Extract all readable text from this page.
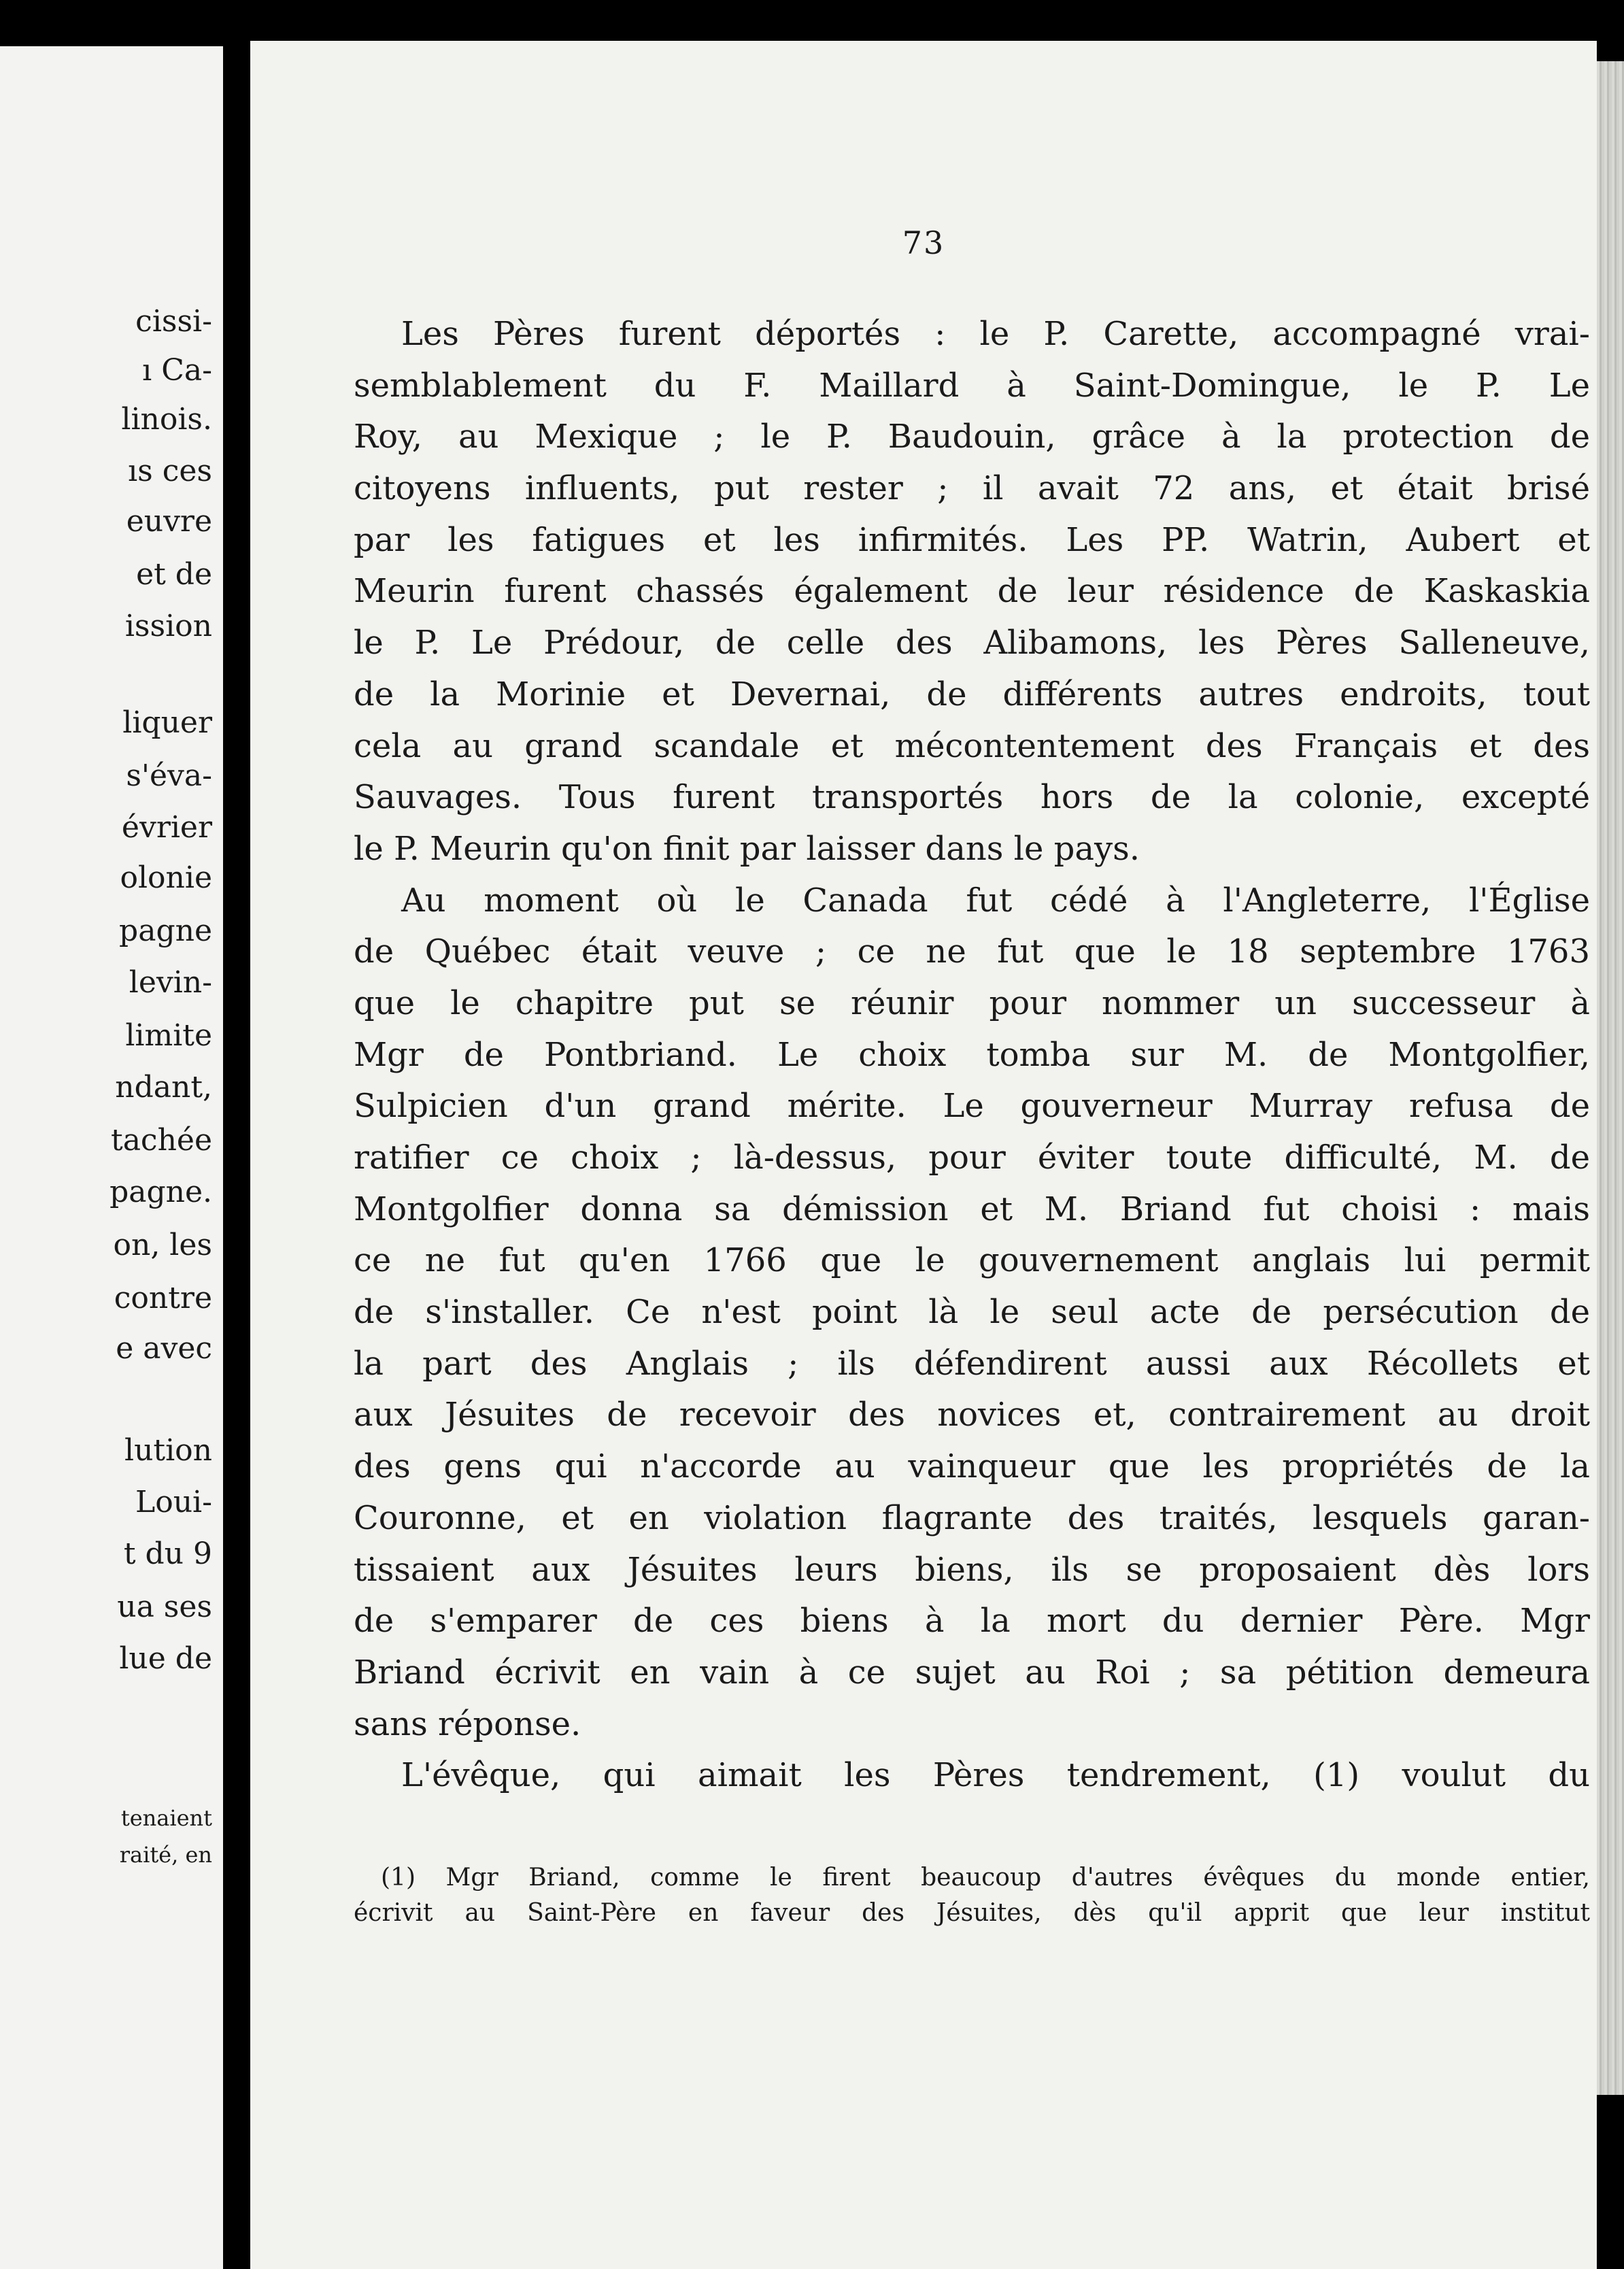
cissi-
ı Ca-
linois.
ıs ces
euvre
et de
ission
liquer
s'éva-
évrier
olonie
pagne
levin-
limite
ndant,
tachée
pagne.
on, les
contre
e avec
lution
Loui-
t du 9
ua ses
lue de
tenaient
raité, en
73
Les Pères furent déportés : le P. Carette, accompagné vrai-
semblablement du F. Maillard à Saint-Domingue, le P. Le
Roy, au Mexique ; le P. Baudouin, grâce à la protection de
citoyens influents, put rester ; il avait 72 ans, et était brisé
par les fatigues et les infirmités. Les PP. Watrin, Aubert et
Meurin furent chassés également de leur résidence de Kaskaskia
le P. Le Prédour, de celle des Alibamons, les Pères Salleneuve,
de la Morinie et Devernai, de différents autres endroits, tout
cela au grand scandale et mécontentement des Français et des
Sauvages. Tous furent transportés hors de la colonie, excepté
le P. Meurin qu'on finit par laisser dans le pays.
Au moment où le Canada fut cédé à l'Angleterre, l'Église
de Québec était veuve ; ce ne fut que le 18 septembre 1763
que le chapitre put se réunir pour nommer un successeur à
Mgr de Pontbriand. Le choix tomba sur M. de Montgolfier,
Sulpicien d'un grand mérite. Le gouverneur Murray refusa de
ratifier ce choix ; là-dessus, pour éviter toute difficulté, M. de
Montgolfier donna sa démission et M. Briand fut choisi : mais
ce ne fut qu'en 1766 que le gouvernement anglais lui permit
de s'installer. Ce n'est point là le seul acte de persécution de
la part des Anglais ; ils défendirent aussi aux Récollets et
aux Jésuites de recevoir des novices et, contrairement au droit
des gens qui n'accorde au vainqueur que les propriétés de la
Couronne, et en violation flagrante des traités, lesquels garan-
tissaient aux Jésuites leurs biens, ils se proposaient dès lors
de s'emparer de ces biens à la mort du dernier Père. Mgr
Briand écrivit en vain à ce sujet au Roi ; sa pétition demeura
sans réponse.
L'évêque, qui aimait les Pères tendrement, (1) voulut du
(1) Mgr Briand, comme le firent beaucoup d'autres évêques du monde entier,
écrivit au Saint-Père en faveur des Jésuites, dès qu'il apprit que leur institut
